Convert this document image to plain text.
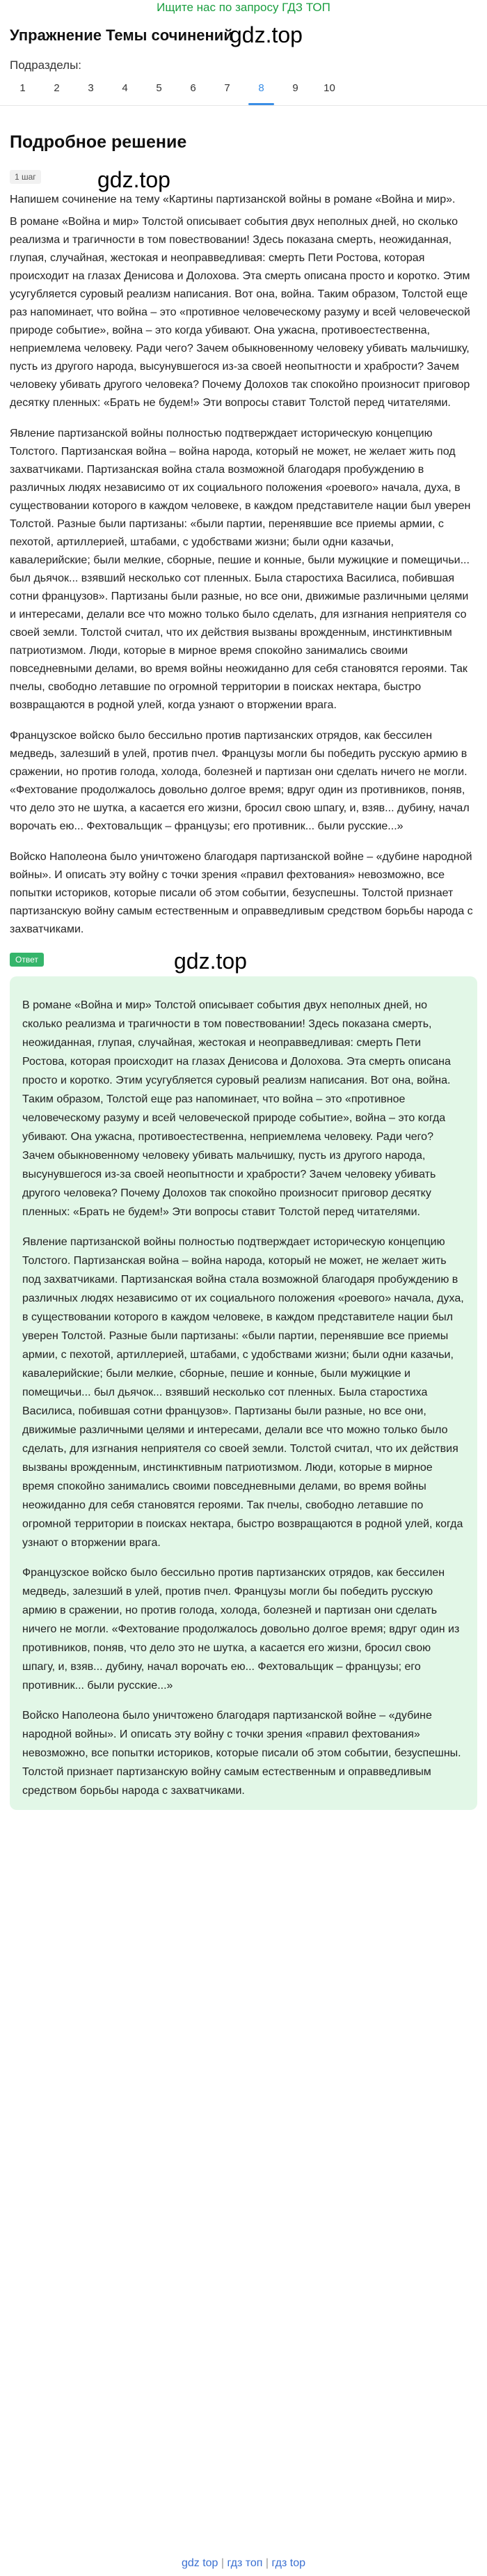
Ищите нас по запросу ГДЗ ТОП
Упражнение Темы сочинений
gdz.top
Подразделы:
1	2	3	4	5	6	7	8	9	10
Подробное решение
1 шаг	gdz.top

Напишем сочинение на тему «Картины партизанской войны в романе «Война и мир».

В романе «Война и мир» Толстой описывает события двух неполных дней, но сколько реализма и трагичности в том повествовании! Здесь показана смерть, неожиданная, глупая, случайная, жестокая и неоправведливая: смерть Пети Ростова, которая происходит на глазах Денисова и Долохова. Эта смерть описана просто и коротко. Этим усугубляется суровый реализм написания. Вот она, война. Таким образом, Толстой еще раз напоминает, что война – это «противное человеческому разуму и всей человеческой природе событие», война – это когда убивают. Она ужасна, противоестественна, неприемлема человеку. Ради чего? Зачем обыкновенному человеку убивать мальчишку, пусть из другого народа, высунувшегося из-за своей неопытности и храбрости? Зачем человеку убивать другого человека? Почему Долохов так спокойно произносит приговор десятку пленных: «Брать не будем!» Эти вопросы ставит Толстой перед читателями.

Явление партизанской войны полностью подтверждает историческую концепцию Толстого. Партизанская война – война народа, который не может, не желает жить под захватчиками. Партизанская война стала возможной благодаря пробуждению в различных людях независимо от их социального положения «роевого» начала, духа, в существовании которого в каждом человеке, в каждом представителе нации был уверен Толстой. Разные были партизаны: «были партии, перенявшие все приемы армии, с пехотой, артиллерией, штабами, с удобствами жизни; были одни казачьи, кавалерийские; были мелкие, сборные, пешие и конные, были мужицкие и помещичьи... был дьячок... взявший несколько сот пленных. Была старостиха Василиса, побившая сотни французов». Партизаны были разные, но все они, движимые различными целями и интересами, делали все что можно только было сделать, для изгнания неприятеля со своей земли. Толстой считал, что их действия вызваны врожденным, инстинктивным патриотизмом. Люди, которые в мирное время спокойно занимались своими повседневными делами, во время войны неожиданно для себя становятся героями. Так пчелы, свободно летавшие по огромной территории в поисках нектара, быстро возвращаются в родной улей, когда узнают о вторжении врага.

Французское войско было бессильно против партизанских отрядов, как бессилен медведь, залезший в улей, против пчел. Французы могли бы победить русскую армию в сражении, но против голода, холода, болезней и партизан они сделать ничего не могли. «Фехтование продолжалось довольно долгое время; вдруг один из противников, поняв, что дело это не шутка, а касается его жизни, бросил свою шпагу, и, взяв... дубину, начал ворочать ею... Фехтовальщик – французы; его противник... были русские...»

Войско Наполеона было уничтожено благодаря партизанской войне – «дубине народной войны». И описать эту войну с точки зрения «правил фехтования» невозможно, все попытки историков, которые писали об этом событии, безуспешны. Толстой признает партизанскую войну самым естественным и оправведливым средством борьбы народа с захватчиками.

Ответ	gdz.top

В романе «Война и мир» Толстой описывает события двух неполных дней, но сколько реализма и трагичности в том повествовании! Здесь показана смерть, неожиданная, глупая, случайная, жестокая и неоправведливая: смерть Пети Ростова, которая происходит на глазах Денисова и Долохова. Эта смерть описана просто и коротко. Этим усугубляется суровый реализм написания. Вот она, война. Таким образом, Толстой еще раз напоминает, что война – это «противное человеческому разуму и всей человеческой природе событие», война – это когда убивают. Она ужасна, противоестественна, неприемлема человеку. Ради чего? Зачем обыкновенному человеку убивать мальчишку, пусть из другого народа, высунувшегося из-за своей неопытности и храбрости? Зачем человеку убивать другого человека? Почему Долохов так спокойно произносит приговор десятку пленных: «Брать не будем!» Эти вопросы ставит Толстой перед читателями.

Явление партизанской войны полностью подтверждает историческую концепцию Толстого. Партизанская война – война народа, который не может, не желает жить под захватчиками. Партизанская война стала возможной благодаря пробуждению в различных людях независимо от их социального положения «роевого» начала, духа, в существовании которого в каждом человеке, в каждом представителе нации был уверен Толстой. Разные были партизаны: «были партии, перенявшие все приемы армии, с пехотой, артиллерией, штабами, с удобствами жизни; были одни казачьи, кавалерийские; были мелкие, сборные, пешие и конные, были мужицкие и помещичьи... был дьячок... взявший несколько сот пленных. Была старостиха Василиса, побившая сотни французов». Партизаны были разные, но все они, движимые различными целями и интересами, делали все что можно только было сделать, для изгнания неприятеля со своей земли. Толстой считал, что их действия вызваны врожденным, инстинктивным патриотизмом. Люди, которые в мирное время спокойно занимались своими повседневными делами, во время войны неожиданно для себя становятся героями. Так пчелы, свободно летавшие по огромной территории в поисках нектара, быстро возвращаются в родной улей, когда узнают о вторжении врага.

Французское войско было бессильно против партизанских отрядов, как бессилен медведь, залезший в улей, против пчел. Французы могли бы победить русскую армию в сражении, но против голода, холода, болезней и партизан они сделать ничего не могли. «Фехтование продолжалось довольно долгое время; вдруг один из противников, поняв, что дело это не шутка, а касается его жизни, бросил свою шпагу, и, взяв... дубину, начал ворочать ею... Фехтовальщик – французы; его противник... были русские...»

Войско Наполеона было уничтожено благодаря партизанской войне – «дубине народной войны». И описать эту войну с точки зрения «правил фехтования» невозможно, все попытки историков, которые писали об этом событии, безуспешны. Толстой признает партизанскую войну самым естественным и оправведливым средством борьбы народа с захватчиками.

gdz top | гдз топ | гдз top
